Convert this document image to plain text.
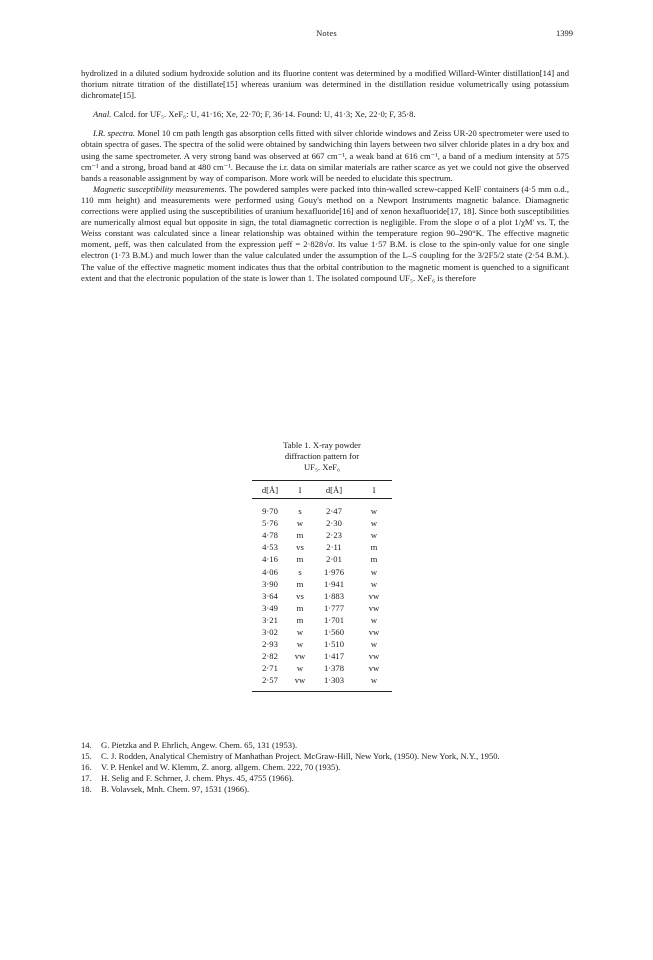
Notes	1399

hydrolized in a diluted sodium hydroxide solution and its fluorine content was determined by a modified Willard-Winter distillation[14] and thorium nitrate titration of the distillate[15] whereas uranium was determined in the distillation residue volumetrically using potassium dichromate[15].

Anal. Calcd. for UF₅. XeF₆: U, 41·16; Xe, 22·70; F, 36·14. Found: U, 41·3; Xe, 22·0; F, 35·8.

I.R. spectra. Monel 10 cm path length gas absorption cells fitted with silver chloride windows and Zeiss UR-20 spectrometer were used to obtain spectra of gases. The spectra of the solid were obtained by sandwiching thin layers between two silver chloride plates in a dry box and using the same spectrometer. A very strong band was observed at 667 cm⁻¹, a weak band at 616 cm⁻¹, a band of a medium intensity at 575 cm⁻¹ and a strong, broad band at 480 cm⁻¹. Because the i.r. data on similar materials are rather scarce as yet we could not give the observed bands a reasonable assignment by way of comparison. More work will be needed to elucidate this spectrum.

Magnetic susceptibility measurements. The powdered samples were packed into thin-walled screw-capped KelF containers (4·5 mm o.d., 110 mm height) and measurements were performed using Gouy's method on a Newport Instruments magnetic balance. Diamagnetic corrections were applied using the susceptibilities of uranium hexafluoride[16] and of xenon hexafluoride[17, 18]. Since both susceptibilities are numerically almost equal but opposite in sign, the total diamagnetic correction is negligible. From the slope σ of a plot 1/χM' vs. T, the Weiss constant was calculated since a linear relationship was obtained within the temperature region 90–290°K. The effective magnetic moment, μeff, was then calculated from the expression μeff = 2·828√σ. Its value 1·57 B.M. is close to the spin-only value for one single electron (1·73 B.M.) and much lower than the value calculated under the assumption of the L–S coupling for the 3/2F5/2 state (2·54 B.M.). The value of the effective magnetic moment indicates thus that the orbital contribution to the magnetic moment is quenched to a significant extent and that the electronic population of the state is lower than 1. The isolated compound UF₅. XeF₆ is therefore

Table 1. X-ray powder
diffraction pattern for
UF₅. XeF₆
d[Å]	I	d[Å]	I
9·70	s	2·47	w
5·76	w	2·30	w
4·78	m	2·23	w
4·53	vs	2·11	m
4·16	m	2·01	m
4·06	s	1·976	w
3·90	m	1·941	w
3·64	vs	1·883	vw
3·49	m	1·777	vw
3·21	m	1·701	w
3·02	w	1·560	vw
2·93	w	1·510	w
2·82	vw	1·417	vw
2·71	w	1·378	vw
2·57	vw	1·303	w
14.	G. Pietzka and P. Ehrlich, Angew. Chem. 65, 131 (1953).
15.	C. J. Rodden, Analytical Chemistry of Manhathan Project. McGraw-Hill, New York, (1950). New York, N.Y., 1950.
16.	V. P. Henkel and W. Klemm, Z. anorg. allgem. Chem. 222, 70 (1935).
17.	H. Selig and F. Schrner, J. chem. Phys. 45, 4755 (1966).
18.	B. Volavsek, Mnh. Chem. 97, 1531 (1966).
